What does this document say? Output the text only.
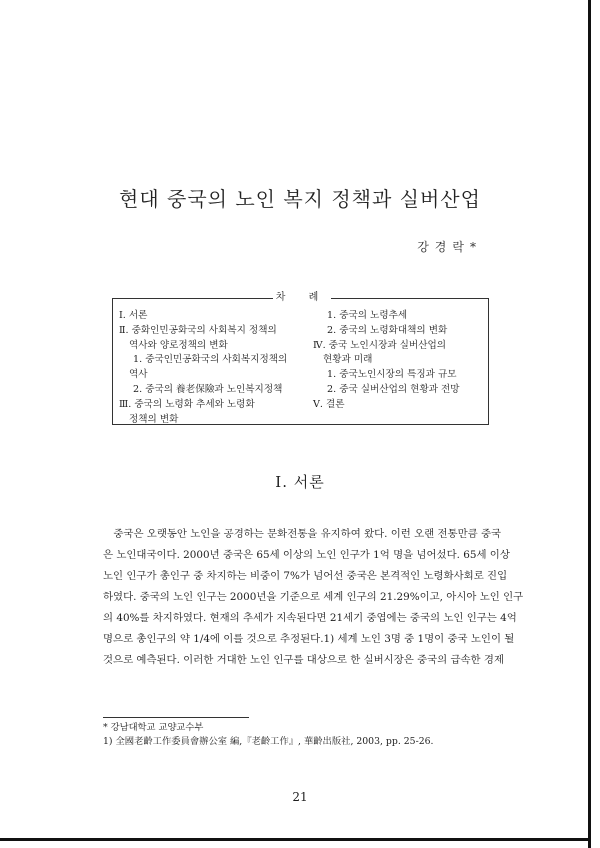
현대 중국의 노인 복지 정책과 실버산업
강경락*
차 례
Ⅰ. 서론
Ⅱ. 중화인민공화국의 사회복지 정책의
역사와 양로정책의 변화
1. 중국인민공화국의 사회복지정책의
역사
2. 중국의 養老保險과 노인복지정책
Ⅲ. 중국의 노령화 추세와 노령화
정책의 변화
1. 중국의 노령추세
2. 중국의 노령화대책의 변화
Ⅳ. 중국 노인시장과 실버산업의
현황과 미래
1. 중국노인시장의 특징과 규모
2. 중국 실버산업의 현황과 전망
Ⅴ. 결론
I. 서론
　중국은 오랫동안 노인을 공경하는 문화전통을 유지하여 왔다. 이런 오랜 전통만큼 중국
은 노인대국이다. 2000년 중국은 65세 이상의 노인 인구가 1억 명을 넘어섰다. 65세 이상
노인 인구가 총인구 중 차지하는 비중이 7%가 넘어선 중국은 본격적인 노령화사회로 진입
하였다. 중국의 노인 인구는 2000년을 기준으로 세계 인구의 21.29%이고, 아시아 노인 인구
의 40%를 차지하였다. 현재의 추세가 지속된다면 21세기 중엽에는 중국의 노인 인구는 4억
명으로 총인구의 약 1/4에 이를 것으로 추정된다.1) 세계 노인 3명 중 1명이 중국 노인이 될
것으로 예측된다. 이러한 거대한 노인 인구를 대상으로 한 실버시장은 중국의 급속한 경제
* 강남대학교 교양교수부
1) 全國老齡工作委員會辦公室 編,『老齡工作』, 華齡出版社, 2003, pp. 25-26.
21
